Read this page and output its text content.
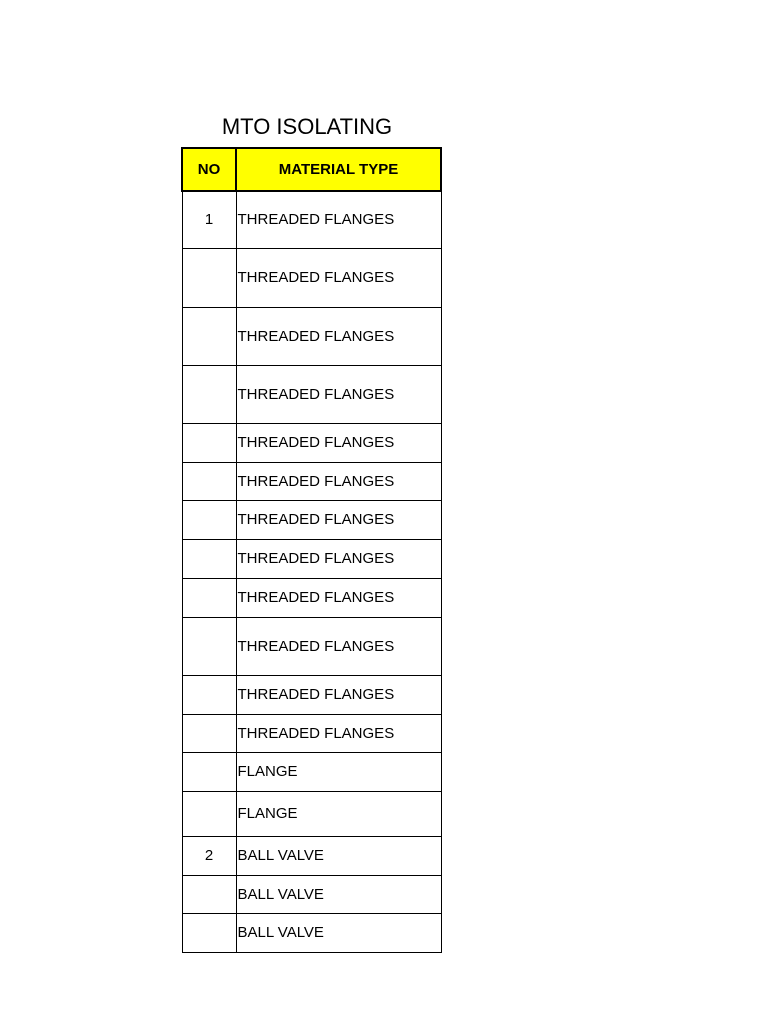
MTO ISOLATING
NO	MATERIAL TYPE
1	THREADED FLANGES
	THREADED FLANGES
	THREADED FLANGES
	THREADED FLANGES
	THREADED FLANGES
	THREADED FLANGES
	THREADED FLANGES
	THREADED FLANGES
	THREADED FLANGES
	THREADED FLANGES
	THREADED FLANGES
	THREADED FLANGES
	FLANGE
	FLANGE
2	BALL VALVE
	BALL VALVE
	BALL VALVE
